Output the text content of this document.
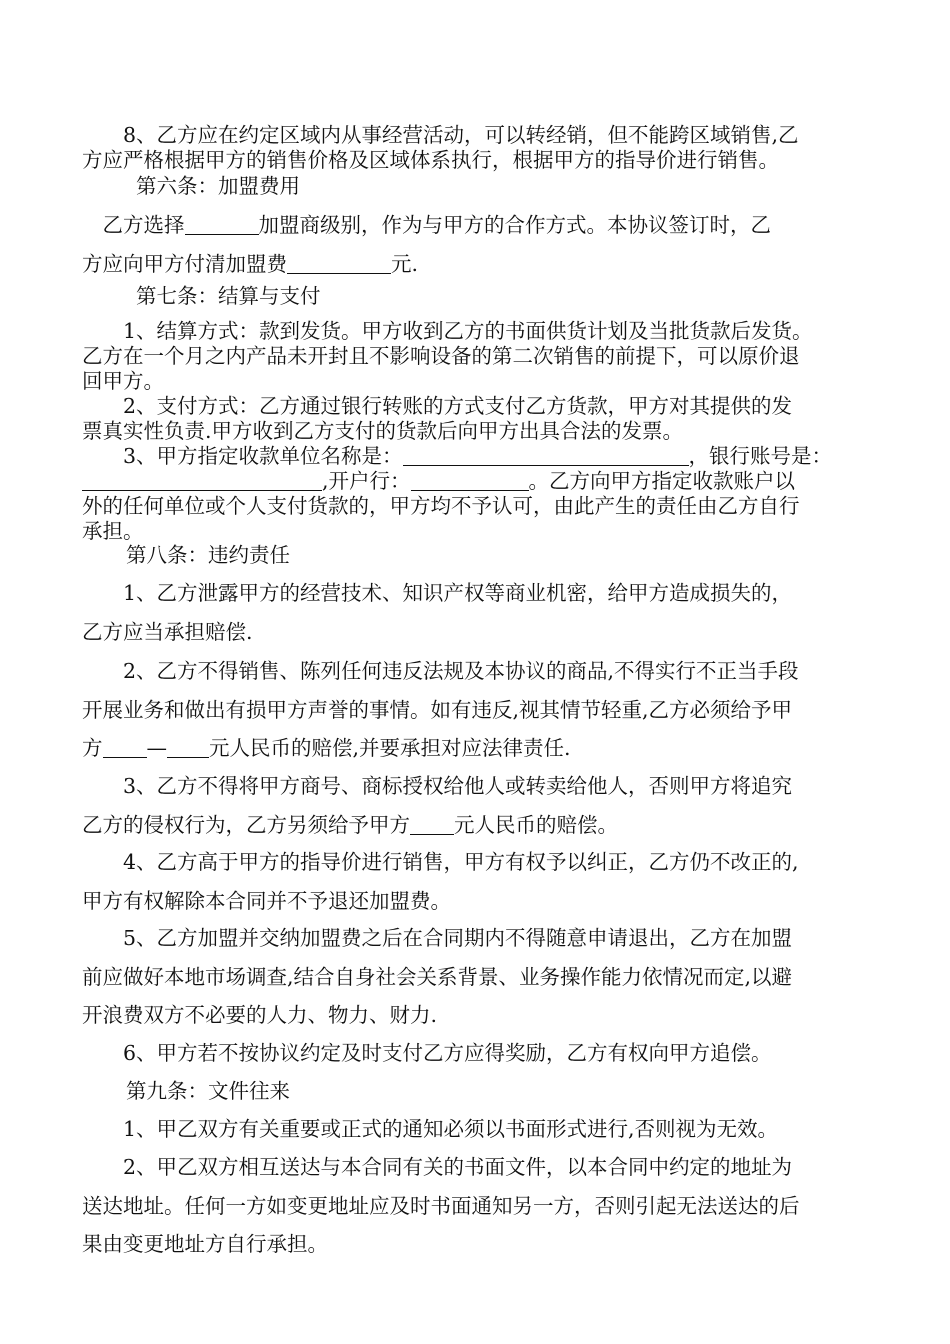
　　8、乙方应在约定区域内从事经营活动，可以转经销，但不能跨区域销售,乙
方应严格根据甲方的销售价格及区域体系执行，根据甲方的指导价进行销售。
第六条：加盟费用
　乙方选择	加盟商级别，作为与甲方的合作方式。本协议签订时，乙
方应向甲方付清加盟费	元.
第七条：结算与支付
　　1、结算方式：款到发货。甲方收到乙方的书面供货计划及当批货款后发货。
乙方在一个月之内产品未开封且不影响设备的第二次销售的前提下，可以原价退
回甲方。
　　2、支付方式：乙方通过银行转账的方式支付乙方货款，甲方对其提供的发
票真实性负责.甲方收到乙方支付的货款后向甲方出具合法的发票。
　　3、甲方指定收款单位名称是：	，银行账号是：
,开户行：	。乙方向甲方指定收款账户以
外的任何单位或个人支付货款的，甲方均不予认可，由此产生的责任由乙方自行
承担。
第八条：违约责任
　　1、乙方泄露甲方的经营技术、知识产权等商业机密，给甲方造成损失的，
乙方应当承担赔偿.
　　2、乙方不得销售、陈列任何违反法规及本协议的商品,不得实行不正当手段
开展业务和做出有损甲方声誉的事情。如有违反,视其情节轻重,乙方必须给予甲
方 — 元人民币的赔偿,并要承担对应法律责任.
　　3、乙方不得将甲方商号、商标授权给他人或转卖给他人，否则甲方将追究
乙方的侵权行为，乙方另须给予甲方 元人民币的赔偿。
　　4、乙方高于甲方的指导价进行销售，甲方有权予以纠正，乙方仍不改正的,
甲方有权解除本合同并不予退还加盟费。
　　5、乙方加盟并交纳加盟费之后在合同期内不得随意申请退出，乙方在加盟
前应做好本地市场调查,结合自身社会关系背景、业务操作能力依情况而定,以避
开浪费双方不必要的人力、物力、财力.
　　6、甲方若不按协议约定及时支付乙方应得奖励，乙方有权向甲方追偿。
第九条：文件往来
　　1、甲乙双方有关重要或正式的通知必须以书面形式进行,否则视为无效。
　　2、甲乙双方相互送达与本合同有关的书面文件，以本合同中约定的地址为
送达地址。任何一方如变更地址应及时书面通知另一方，否则引起无法送达的后
果由变更地址方自行承担。
